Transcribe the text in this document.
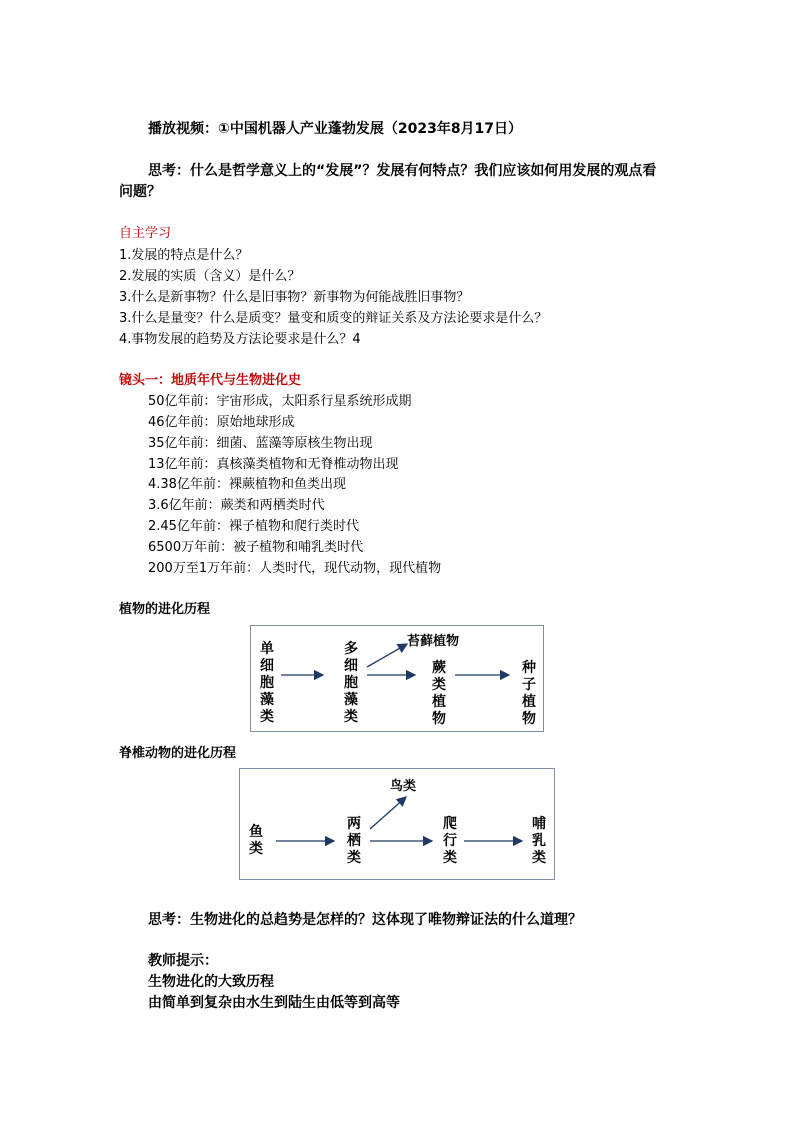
播放视频：①中国机器人产业蓬勃发展（2023年8月17日）
思考：什么是哲学意义上的“发展”？发展有何特点？我们应该如何用发展的观点看
问题？
自主学习
1.发展的特点是什么？
2.发展的实质（含义）是什么？
3.什么是新事物？什么是旧事物？新事物为何能战胜旧事物？
3.什么是量变？什么是质变？量变和质变的辩证关系及方法论要求是什么？
4.事物发展的趋势及方法论要求是什么？4
镜头一：地质年代与生物进化史
50亿年前：宇宙形成，太阳系行星系统形成期
46亿年前：原始地球形成
35亿年前：细菌、蓝藻等原核生物出现
13亿年前：真核藻类植物和无脊椎动物出现
4.38亿年前：裸蕨植物和鱼类出现
3.6亿年前：蕨类和两栖类时代
2.45亿年前：裸子植物和爬行类时代
6500万年前：被子植物和哺乳类时代
200万至1万年前：人类时代，现代动物，现代植物
植物的进化历程
单细胞藻类
多细胞藻类
苔藓植物
蕨类植物
种子植物
脊椎动物的进化历程
鱼类
两栖类
鸟类
爬行类
哺乳类
思考：生物进化的总趋势是怎样的？这体现了唯物辩证法的什么道理？
教师提示：
生物进化的大致历程
由简单到复杂由水生到陆生由低等到高等
